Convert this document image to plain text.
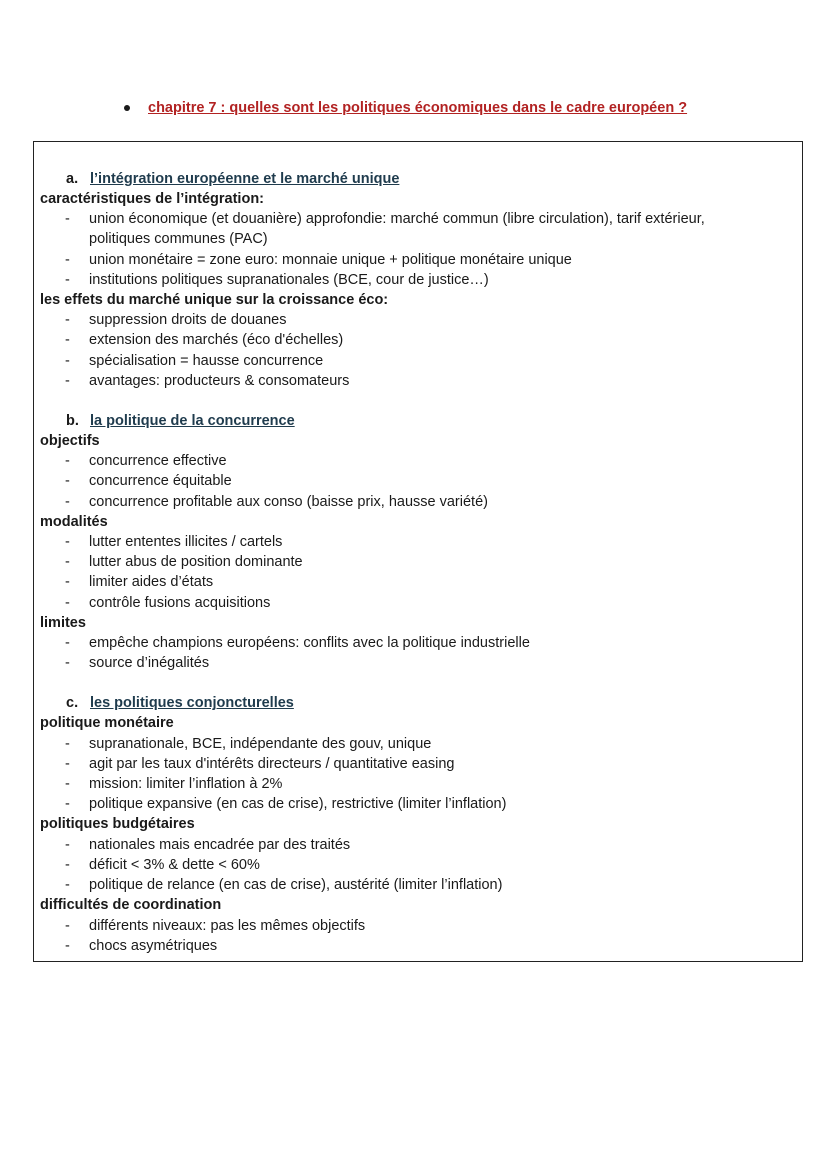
chapitre 7 : quelles sont les politiques économiques dans le cadre européen ?
a. l’intégration européenne et le marché unique
caractéristiques de l’intégration:
-	union économique (et douanière) approfondie: marché commun (libre circulation), tarif extérieur, politiques communes (PAC)
-	union monétaire = zone euro: monnaie unique + politique monétaire unique
-	institutions politiques supranationales (BCE, cour de justice…)
les effets du marché unique sur la croissance éco:
-	suppression droits de douanes
-	extension des marchés (éco d'échelles)
-	spécialisation = hausse concurrence
-	avantages: producteurs & consomateurs
b. la politique de la concurrence
objectifs
-	concurrence effective
-	concurrence équitable
-	concurrence profitable aux conso (baisse prix, hausse variété)
modalités
-	lutter ententes illicites / cartels
-	lutter abus de position dominante
-	limiter aides d’états
-	contrôle fusions acquisitions
limites
-	empêche champions européens: conflits avec la politique industrielle
-	source d’inégalités
c. les politiques conjoncturelles
politique monétaire
-	supranationale, BCE, indépendante des gouv, unique
-	agit par les taux d'intérêts directeurs / quantitative easing
-	mission: limiter l’inflation à 2%
-	politique expansive (en cas de crise), restrictive (limiter l’inflation)
politiques budgétaires
-	nationales mais encadrée par des traités
-	déficit < 3% & dette < 60%
-	politique de relance (en cas de crise), austérité (limiter l’inflation)
difficultés de coordination
-	différents niveaux: pas les mêmes objectifs
-	chocs asymétriques
